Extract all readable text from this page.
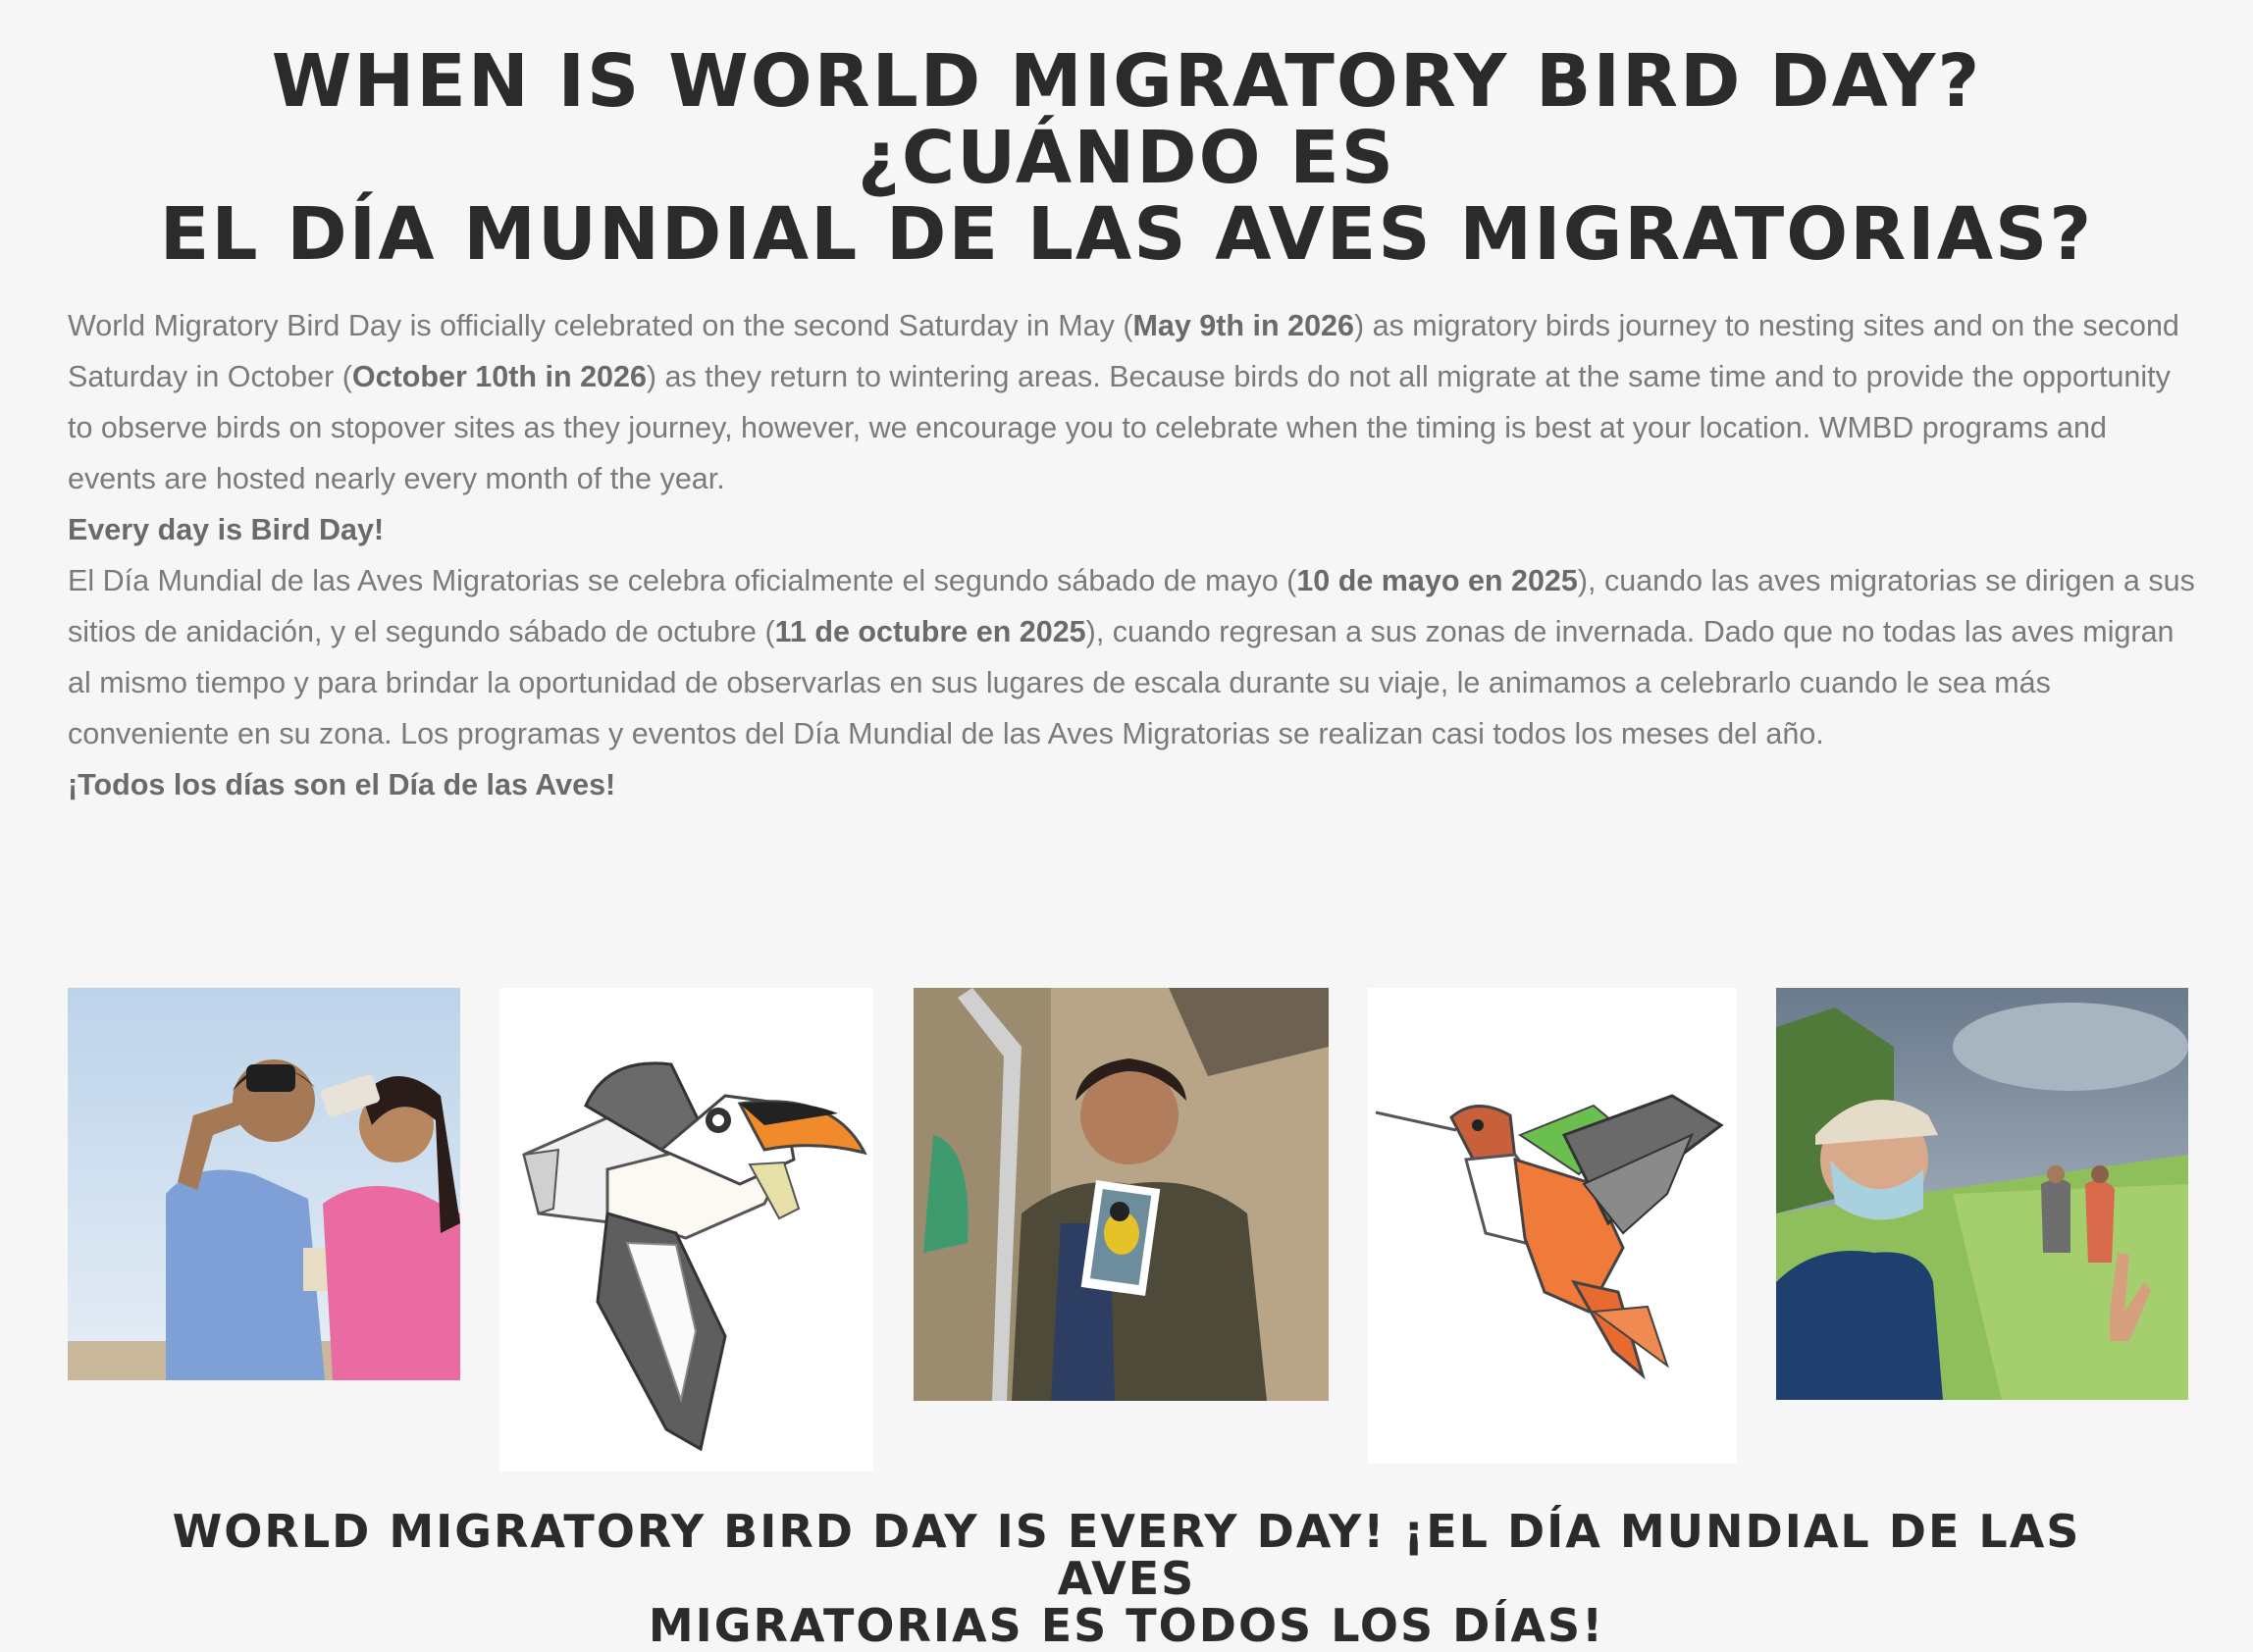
WHEN IS WORLD MIGRATORY BIRD DAY? ¿CUÁNDO ES
EL DÍA MUNDIAL DE LAS AVES MIGRATORIAS?

World Migratory Bird Day is officially celebrated on the second Saturday in May (May 9th in 2026) as migratory birds journey to nesting sites and on the second Saturday in October (October 10th in 2026) as they return to wintering areas. Because birds do not all migrate at the same time and to provide the opportunity to observe birds on stopover sites as they journey, however, we encourage you to celebrate when the timing is best at your location. WMBD programs and events are hosted nearly every month of the year.

Every day is Bird Day!

El Día Mundial de las Aves Migratorias se celebra oficialmente el segundo sábado de mayo (10 de mayo en 2025), cuando las aves migratorias se dirigen a sus sitios de anidación, y el segundo sábado de octubre (11 de octubre en 2025), cuando regresan a sus zonas de invernada. Dado que no todas las aves migran al mismo tiempo y para brindar la oportunidad de observarlas en sus lugares de escala durante su viaje, le animamos a celebrarlo cuando le sea más conveniente en su zona. Los programas y eventos del Día Mundial de las Aves Migratorias se realizan casi todos los meses del año.

¡Todos los días son el Día de las Aves!

WORLD MIGRATORY BIRD DAY IS EVERY DAY! ¡EL DÍA MUNDIAL DE LAS AVES
MIGRATORIAS ES TODOS LOS DÍAS!
